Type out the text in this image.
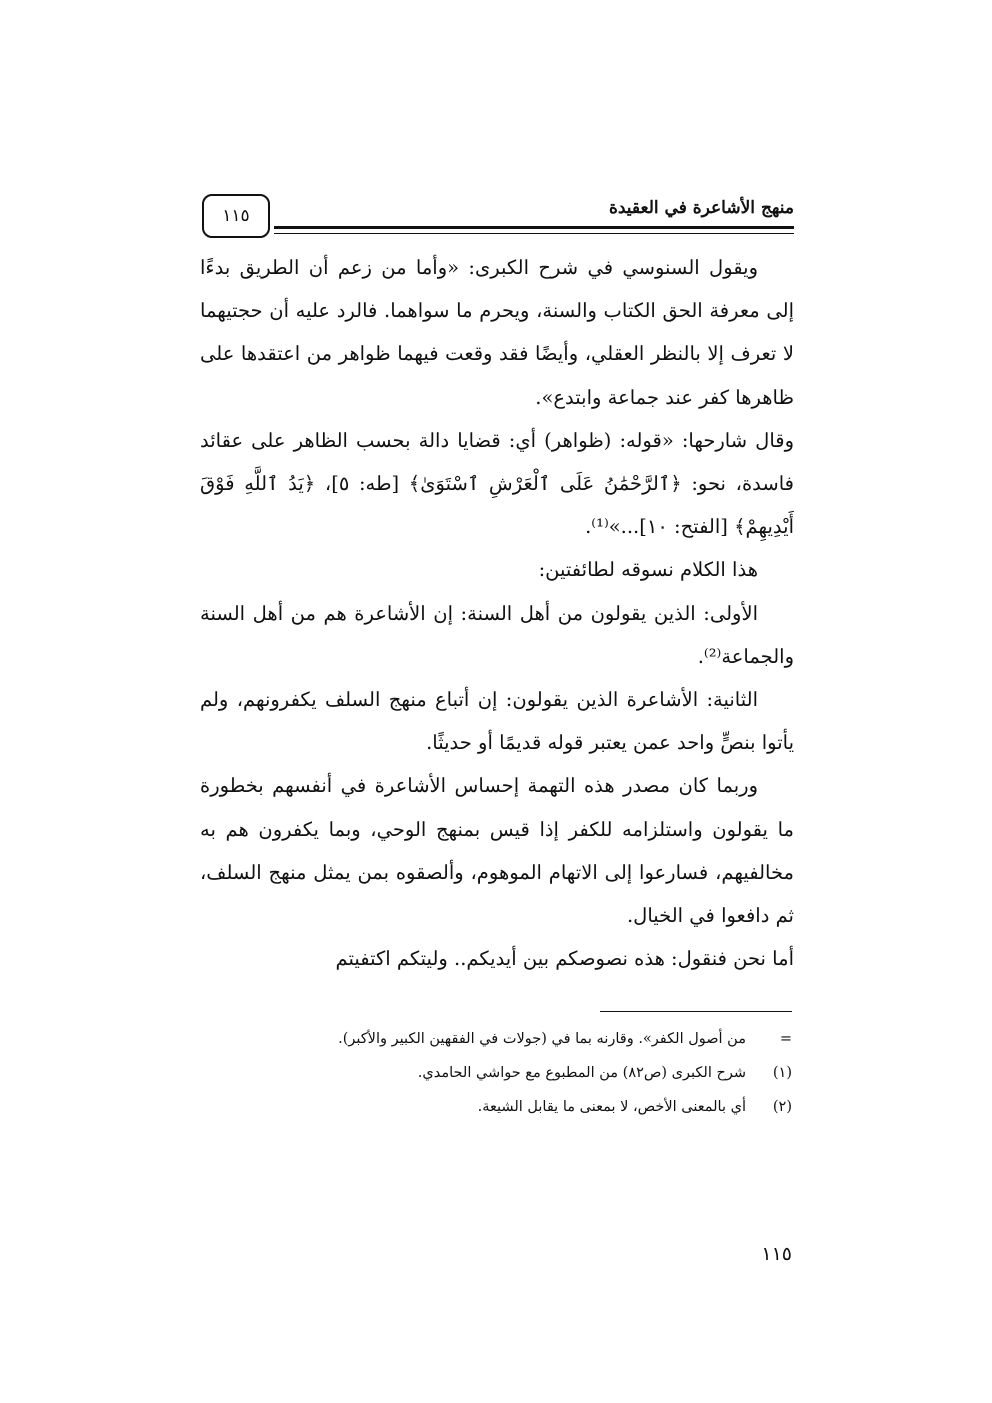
منهج الأشاعرة في العقيدة
١١٥

ويقول السنوسي في شرح الكبرى: «وأما من زعم أن الطريق بدءًا إلى معرفة الحق الكتاب والسنة، ويحرم ما سواهما. فالرد عليه أن حجتيهما لا تعرف إلا بالنظر العقلي، وأيضًا فقد وقعت فيهما ظواهر من اعتقدها على ظاهرها كفر عند جماعة وابتدع».

وقال شارحها: «قوله: (ظواهر) أي: قضايا دالة بحسب الظاهر على عقائد فاسدة، نحو: ﴿ٱلرَّحْمَٰنُ عَلَى ٱلْعَرْشِ ٱسْتَوَىٰ﴾ [طه: ٥]، ﴿يَدُ ٱللَّهِ فَوْقَ أَيْدِيهِمْ﴾ [الفتح: ١٠]...»⁽¹⁾.

هذا الكلام نسوقه لطائفتين:

الأولى: الذين يقولون من أهل السنة: إن الأشاعرة هم من أهل السنة والجماعة⁽²⁾.

الثانية: الأشاعرة الذين يقولون: إن أتباع منهج السلف يكفرونهم، ولم يأتوا بنصٍّ واحد عمن يعتبر قوله قديمًا أو حديثًا.

وربما كان مصدر هذه التهمة إحساس الأشاعرة في أنفسهم بخطورة ما يقولون واستلزامه للكفر إذا قيس بمنهج الوحي، وبما يكفرون هم به مخالفيهم، فسارعوا إلى الاتهام الموهوم، وألصقوه بمن يمثل منهج السلف، ثم دافعوا في الخيال.

أما نحن فنقول: هذه نصوصكم بين أيديكم.. وليتكم اكتفيتم

=
من أصول الكفر». وقارنه بما في (جولات في الفقهين الكبير والأكبر).
(١)
شرح الكبرى (ص٨٢) من المطبوع مع حواشي الحامدي.
(٢)
أي بالمعنى الأخص، لا بمعنى ما يقابل الشيعة.
١١٥
